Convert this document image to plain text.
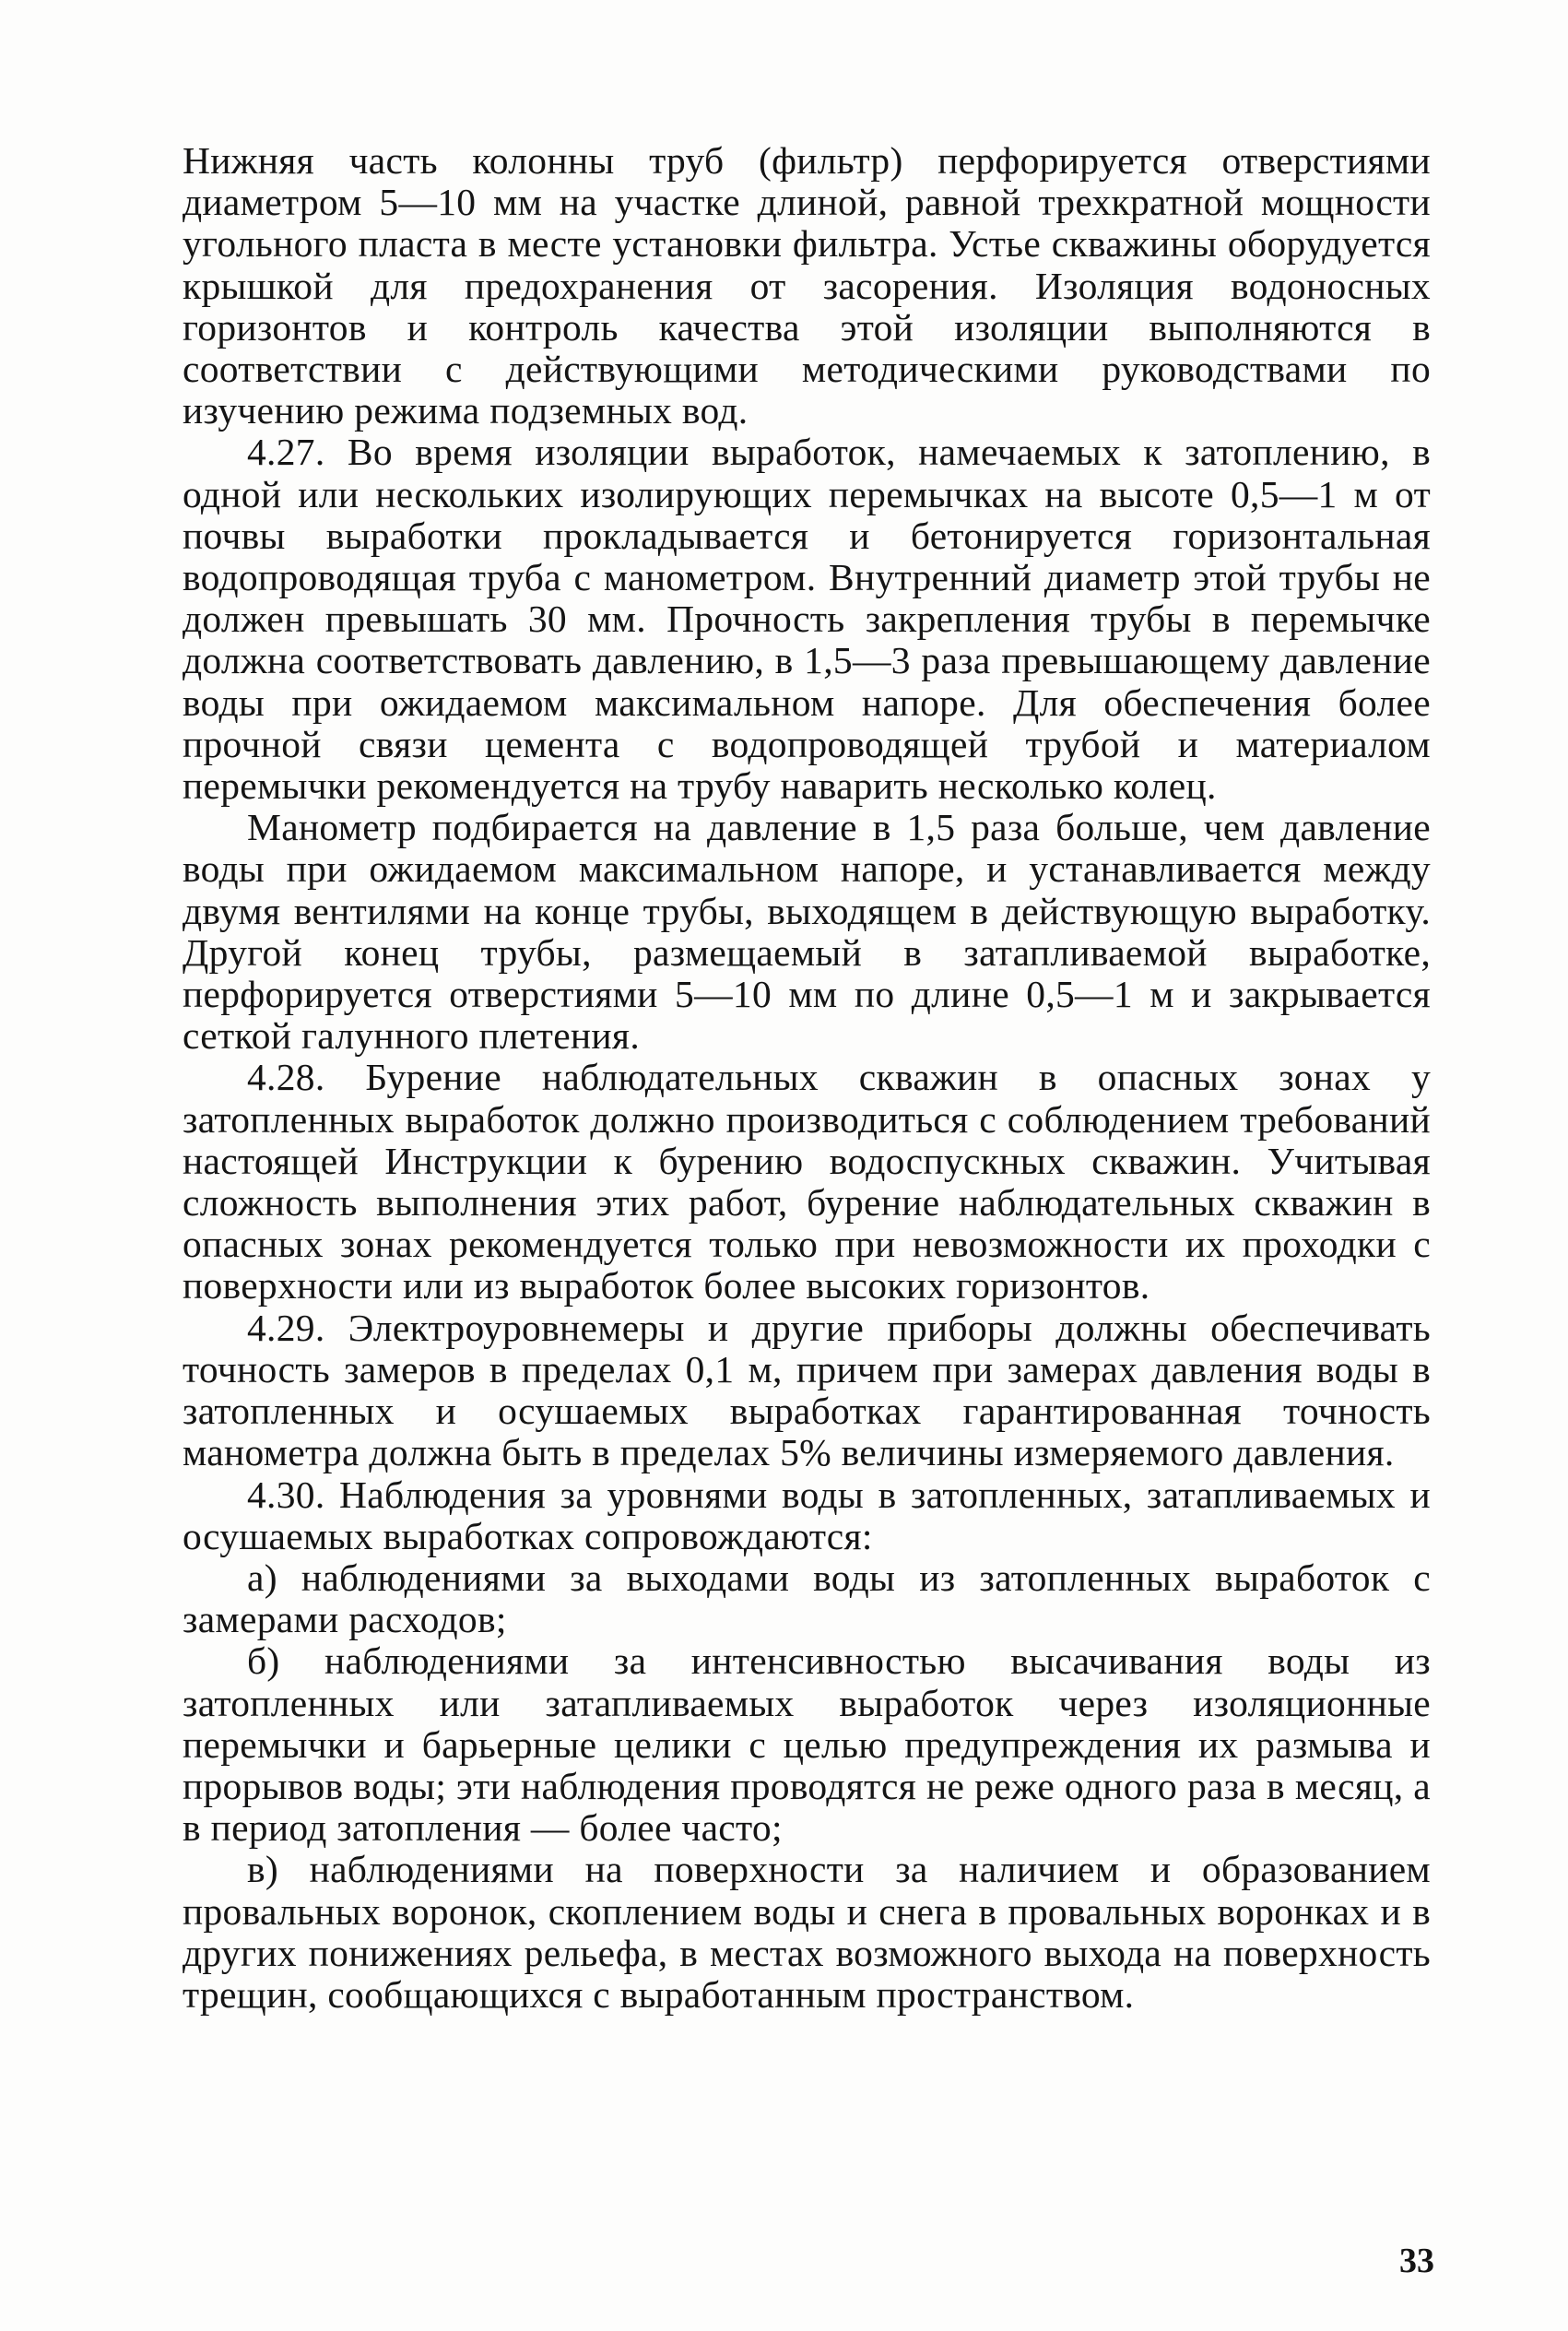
Нижняя часть колонны труб (фильтр) перфорируется отверстиями диаметром 5—10 мм на участке длиной, равной трехкратной мощности угольного пласта в месте установки фильтра. Устье скважины оборудуется крышкой для предохранения от засорения. Изоляция водоносных горизонтов и контроль качества этой изоляции выполняются в соответствии с действующими методическими руководствами по изучению режима подземных вод.

4.27. Во время изоляции выработок, намечаемых к затоплению, в одной или нескольких изолирующих перемычках на высоте 0,5—1 м от почвы выработки прокладывается и бетонируется горизонтальная водопроводящая труба с манометром. Внутренний диаметр этой трубы не должен превышать 30 мм. Прочность закрепления трубы в перемычке должна соответствовать давлению, в 1,5—3 раза превышающему давление воды при ожидаемом максимальном напоре. Для обеспечения более прочной связи цемента с водопроводящей трубой и материалом перемычки рекомендуется на трубу наварить несколько колец.

Манометр подбирается на давление в 1,5 раза больше, чем давление воды при ожидаемом максимальном напоре, и устанавливается между двумя вентилями на конце трубы, выходящем в действующую выработку. Другой конец трубы, размещаемый в затапливаемой выработке, перфорируется отверстиями 5—10 мм по длине 0,5—1 м и закрывается сеткой галунного плетения.

4.28. Бурение наблюдательных скважин в опасных зонах у затопленных выработок должно производиться с соблюдением требований настоящей Инструкции к бурению водоспускных скважин. Учитывая сложность выполнения этих работ, бурение наблюдательных скважин в опасных зонах рекомендуется только при невозможности их проходки с поверхности или из выработок более высоких горизонтов.

4.29. Электроуровнемеры и другие приборы должны обеспечивать точность замеров в пределах 0,1 м, причем при замерах давления воды в затопленных и осушаемых выработках гарантированная точность манометра должна быть в пределах 5% величины измеряемого давления.

4.30. Наблюдения за уровнями воды в затопленных, затапливаемых и осушаемых выработках сопровождаются:

а) наблюдениями за выходами воды из затопленных выработок с замерами расходов;

б) наблюдениями за интенсивностью высачивания воды из затопленных или затапливаемых выработок через изоляционные перемычки и барьерные целики с целью предупреждения их размыва и прорывов воды; эти наблюдения проводятся не реже одного раза в месяц, а в период затопления — более часто;

в) наблюдениями на поверхности за наличием и образованием провальных воронок, скоплением воды и снега в провальных воронках и в других понижениях рельефа, в местах возможного выхода на поверхность трещин, сообщающихся с выработанным пространством.

33
